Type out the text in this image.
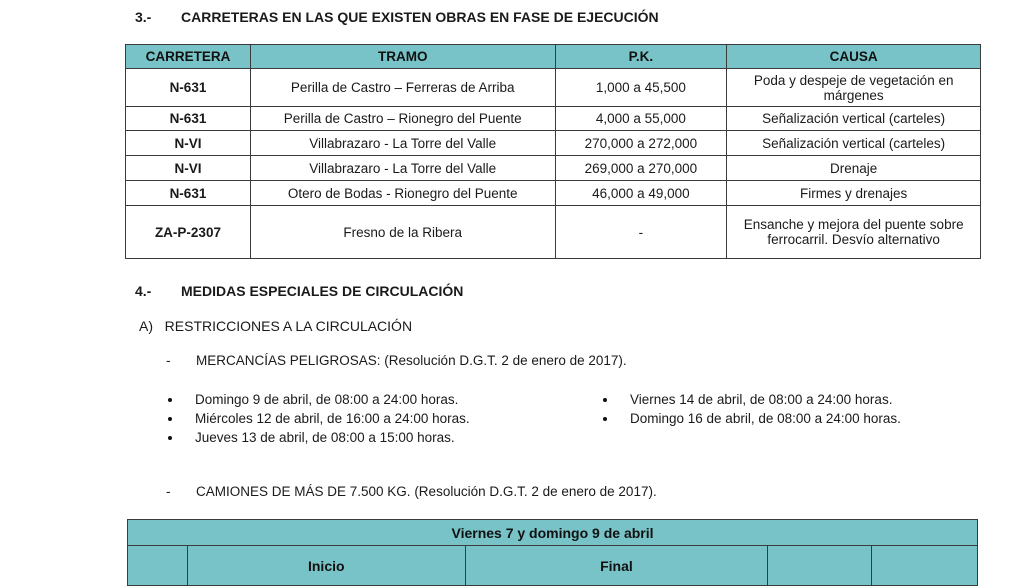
3.- CARRETERAS EN LAS QUE EXISTEN OBRAS EN FASE DE EJECUCIÓN
CARRETERA	TRAMO	P.K.	CAUSA
N-631	Perilla de Castro – Ferreras de Arriba	1,000 a 45,500	Poda y despeje de vegetación en márgenes
N-631	Perilla de Castro – Rionegro del Puente	4,000 a 55,000	Señalización vertical (carteles)
N-VI	Villabrazaro - La Torre del Valle	270,000 a 272,000	Señalización vertical (carteles)
N-VI	Villabrazaro - La Torre del Valle	269,000 a 270,000	Drenaje
N-631	Otero de Bodas - Rionegro del Puente	46,000 a 49,000	Firmes y drenajes
ZA-P-2307	Fresno de la Ribera	-	Ensanche y mejora del puente sobre ferrocarril. Desvío alternativo
4.- MEDIDAS ESPECIALES DE CIRCULACIÓN
A)   RESTRICCIONES A LA CIRCULACIÓN
- MERCANCÍAS PELIGROSAS: (Resolución D.G.T. 2 de enero de 2017).
Domingo 9 de abril, de 08:00 a 24:00 horas.
Miércoles 12 de abril, de 16:00 a 24:00 horas.
Jueves 13 de abril, de 08:00 a 15:00 horas.
Viernes 14 de abril, de 08:00 a 24:00 horas.
Domingo 16 de abril, de 08:00 a 24:00 horas.
- CAMIONES DE MÁS DE 7.500 KG. (Resolución D.G.T. 2 de enero de 2017).
Viernes 7 y domingo 9 de abril
	Inicio	Final		
